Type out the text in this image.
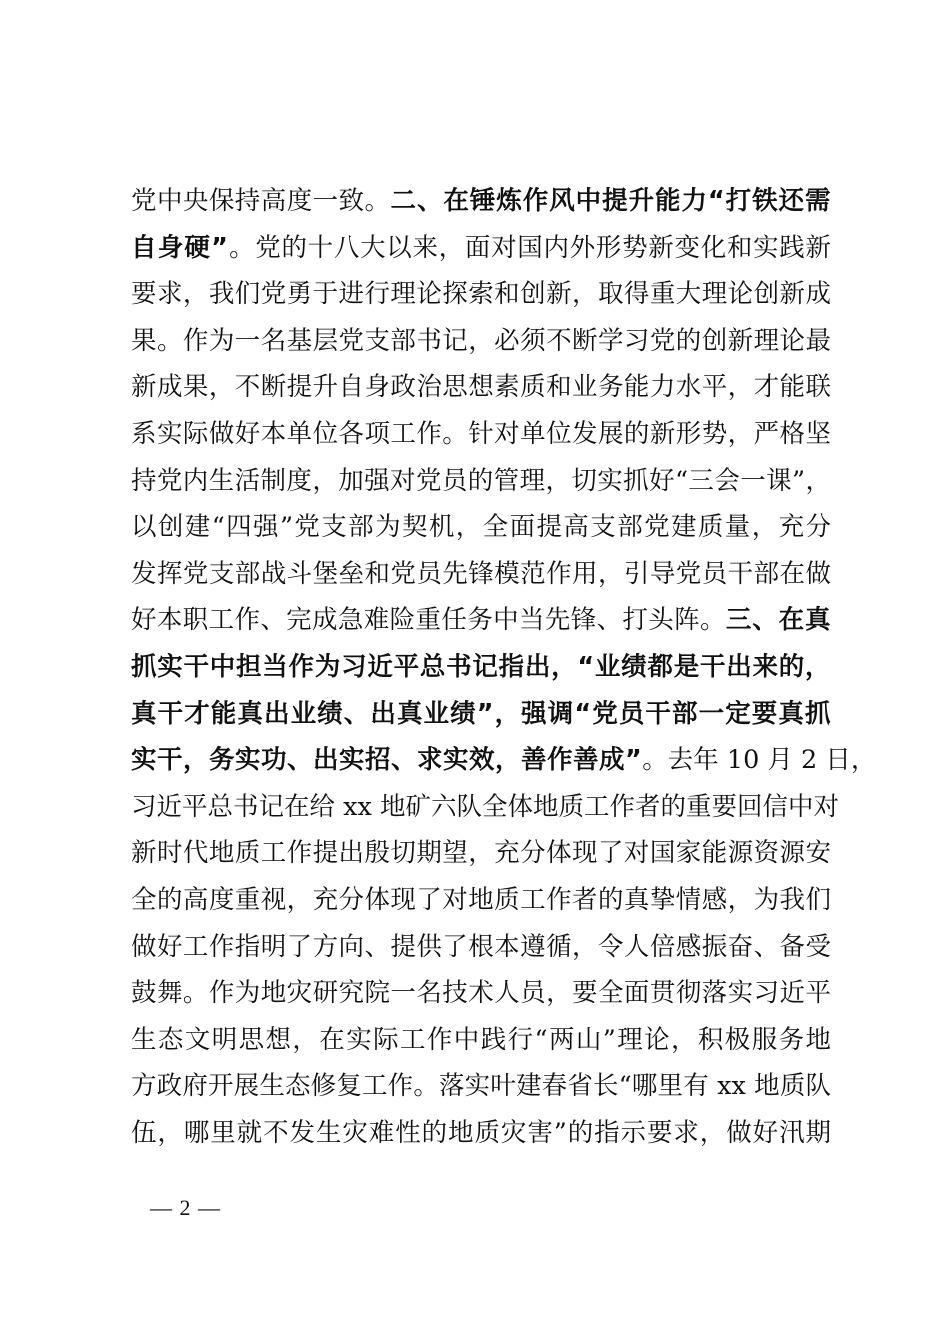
党中央保持高度一致。二、在锤炼作风中提升能力“打铁还需
自身硬”。党的十八大以来，面对国内外形势新变化和实践新
要求，我们党勇于进行理论探索和创新，取得重大理论创新成
果。作为一名基层党支部书记，必须不断学习党的创新理论最
新成果，不断提升自身政治思想素质和业务能力水平，才能联
系实际做好本单位各项工作。针对单位发展的新形势，严格坚
持党内生活制度，加强对党员的管理，切实抓好“三会一课”，
以创建“四强”党支部为契机，全面提高支部党建质量，充分
发挥党支部战斗堡垒和党员先锋模范作用，引导党员干部在做
好本职工作、完成急难险重任务中当先锋、打头阵。三、在真
抓实干中担当作为习近平总书记指出，“业绩都是干出来的，
真干才能真出业绩、出真业绩”，强调“党员干部一定要真抓
实干，务实功、出实招、求实效，善作善成”。去年 10 月 2 日，
习近平总书记在给 xx 地矿六队全体地质工作者的重要回信中对
新时代地质工作提出殷切期望，充分体现了对国家能源资源安
全的高度重视，充分体现了对地质工作者的真挚情感，为我们
做好工作指明了方向、提供了根本遵循，令人倍感振奋、备受
鼓舞。作为地灾研究院一名技术人员，要全面贯彻落实习近平
生态文明思想，在实际工作中践行“两山”理论，积极服务地
方政府开展生态修复工作。落实叶建春省长“哪里有 xx 地质队
伍，哪里就不发生灾难性的地质灾害”的指示要求，做好汛期
— 2 —
